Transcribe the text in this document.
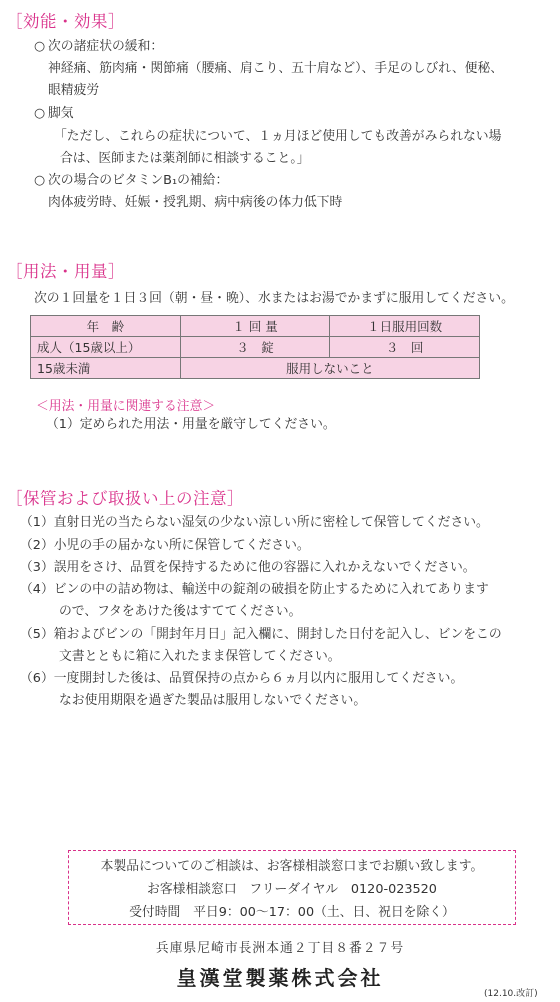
［効能・効果］
○ 次の諸症状の緩和：
神経痛、筋肉痛・関節痛（腰痛、肩こり、五十肩など）、手足のしびれ、便秘、
眼精疲労
○ 脚気
「ただし、これらの症状について、１ヵ月ほど使用しても改善がみられない場
合は、医師または薬剤師に相談すること。」
○ 次の場合のビタミンB₁の補給：
肉体疲労時、妊娠・授乳期、病中病後の体力低下時
［用法・用量］
次の１回量を１日３回（朝・昼・晩）、水またはお湯でかまずに服用してください。
年　齢	１ 回 量	１日服用回数
成人（15歳以上）	３　錠	３　回
15歳未満	服用しないこと	
＜用法・用量に関連する注意＞
（1）定められた用法・用量を厳守してください。
［保管および取扱い上の注意］
（1）直射日光の当たらない湿気の少ない涼しい所に密栓して保管してください。
（2）小児の手の届かない所に保管してください。
（3）誤用をさけ、品質を保持するために他の容器に入れかえないでください。
（4）ビンの中の詰め物は、輸送中の錠剤の破損を防止するために入れてあります
ので、フタをあけた後はすててください。
（5）箱およびビンの「開封年月日」記入欄に、開封した日付を記入し、ビンをこの
文書とともに箱に入れたまま保管してください。
（6）一度開封した後は、品質保持の点から６ヵ月以内に服用してください。
なお使用期限を過ぎた製品は服用しないでください。
本製品についてのご相談は、お客様相談窓口までお願い致します。
お客様相談窓口　フリーダイヤル　0120-023520
受付時間　平日9：00～17：00（土、日、祝日を除く）
兵庫県尼崎市長洲本通２丁目８番２７号
皇漢堂製薬株式会社
(12.10.改訂)
